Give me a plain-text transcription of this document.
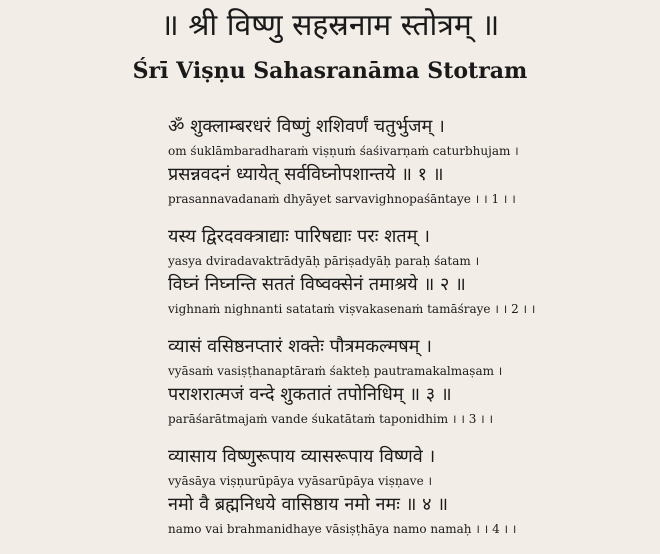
॥ श्री विष्णु सहस्रनाम स्तोत्रम् ॥
Śrī Viṣṇu Sahasranāma Stotram
ॐ शुक्लाम्बरधरं विष्णुं शशिवर्णं चतुर्भुजम् ।
om śuklāmbaradharaṁ viṣṇuṁ śaśivarṇaṁ caturbhujam ।
प्रसन्नवदनं ध्यायेत् सर्वविघ्नोपशान्तये ॥ १ ॥
prasannavadanaṁ dhyāyet sarvavighnopaśāntaye । । 1 । ।
यस्य द्विरदवक्त्राद्याः पारिषद्याः परः शतम् ।
yasya dviradavaktrādyāḥ pāriṣadyāḥ paraḥ śatam ।
विघ्नं निघ्नन्ति सततं विष्वक्सेनं तमाश्रये ॥ २ ॥
vighnaṁ nighnanti satataṁ viṣvakasenaṁ tamāśraye । । 2 । ।
व्यासं वसिष्ठनप्तारं शक्तेः पौत्रमकल्मषम् ।
vyāsaṁ vasiṣṭhanaptāraṁ śakteḥ pautramakalmaṣam ।
पराशरात्मजं वन्दे शुकतातं तपोनिधिम् ॥ ३ ॥
parāśarātmajaṁ vande śukatātaṁ taponidhim । । 3 । ।
व्यासाय विष्णुरूपाय व्यासरूपाय विष्णवे ।
vyāsāya viṣṇurūpāya vyāsarūpāya viṣṇave ।
नमो वै ब्रह्मनिधये वासिष्ठाय नमो नमः ॥ ४ ॥
namo vai brahmanidhaye vāsiṣṭhāya namo namaḥ । । 4 । ।
